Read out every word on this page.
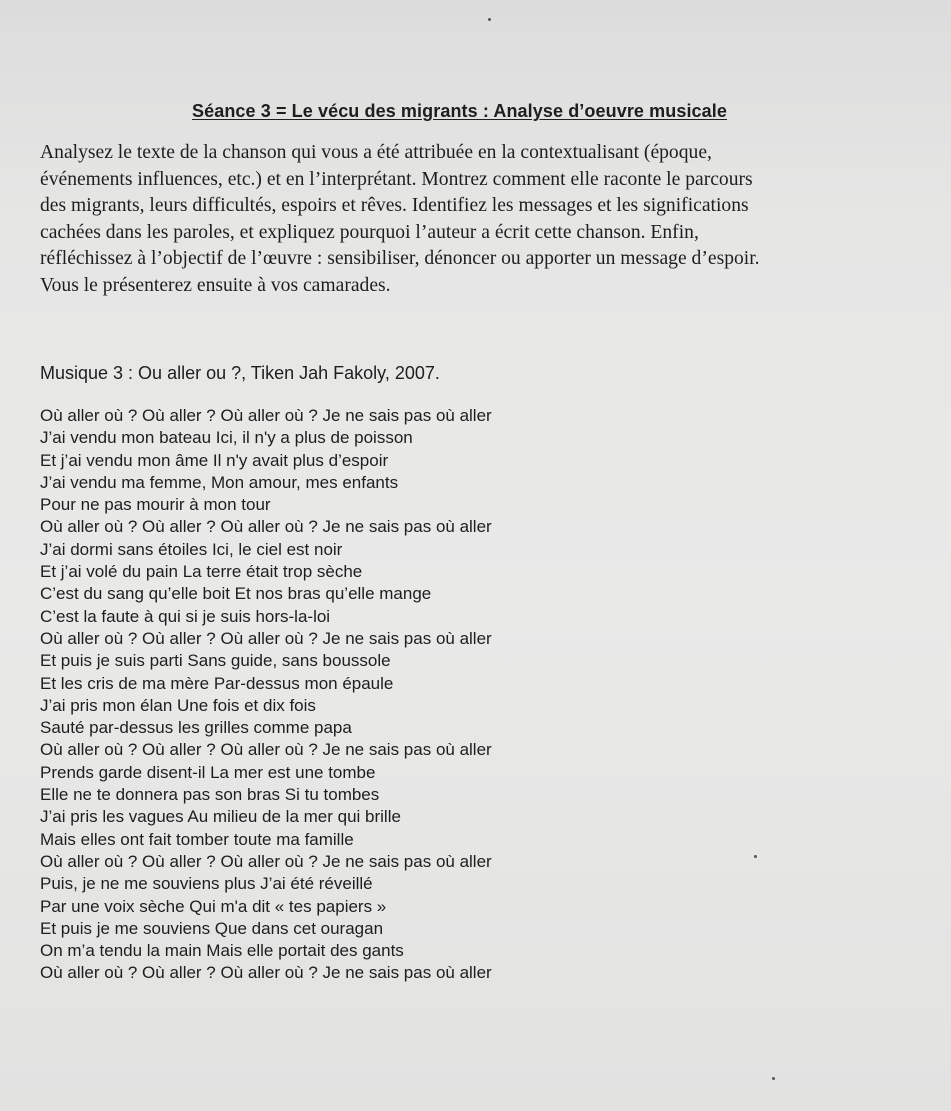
Séance 3 = Le vécu des migrants : Analyse d’oeuvre musicale

Analysez le texte de la chanson qui vous a été attribuée en la contextualisant (époque,
événements influences, etc.) et en l’interprétant. Montrez comment elle raconte le parcours
des migrants, leurs difficultés, espoirs et rêves. Identifiez les messages et les significations
cachées dans les paroles, et expliquez pourquoi l’auteur a écrit cette chanson. Enfin,
réfléchissez à l’objectif de l’œuvre : sensibiliser, dénoncer ou apporter un message d’espoir.
Vous le présenterez ensuite à vos camarades.

Musique 3 : Ou aller ou ?, Tiken Jah Fakoly, 2007.
Où aller où ? Où aller ? Où aller où ? Je ne sais pas où aller
J’ai vendu mon bateau Ici, il n'y a plus de poisson
Et j’ai vendu mon âme Il n'y avait plus d’espoir
J’ai vendu ma femme, Mon amour, mes enfants
Pour ne pas mourir à mon tour
Où aller où ? Où aller ? Où aller où ? Je ne sais pas où aller
J’ai dormi sans étoiles Ici, le ciel est noir
Et j’ai volé du pain La terre était trop sèche
C’est du sang qu’elle boit Et nos bras qu’elle mange
C’est la faute à qui si je suis hors-la-loi
Où aller où ? Où aller ? Où aller où ? Je ne sais pas où aller
Et puis je suis parti Sans guide, sans boussole
Et les cris de ma mère Par-dessus mon épaule
J’ai pris mon élan Une fois et dix fois
Sauté par-dessus les grilles comme papa
Où aller où ? Où aller ? Où aller où ? Je ne sais pas où aller
Prends garde disent-il La mer est une tombe
Elle ne te donnera pas son bras Si tu tombes
J’ai pris les vagues Au milieu de la mer qui brille
Mais elles ont fait tomber toute ma famille
Où aller où ? Où aller ? Où aller où ? Je ne sais pas où aller
Puis, je ne me souviens plus J’ai été réveillé
Par une voix sèche Qui m'a dit « tes papiers »
Et puis je me souviens Que dans cet ouragan
On m’a tendu la main Mais elle portait des gants
Où aller où ? Où aller ? Où aller où ? Je ne sais pas où aller
